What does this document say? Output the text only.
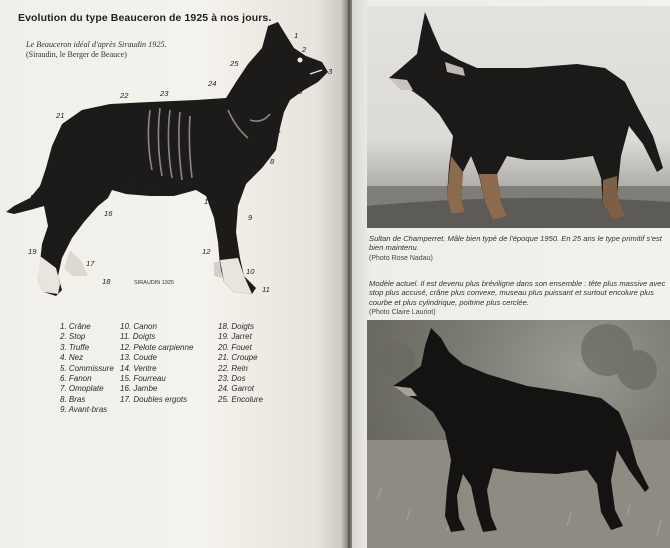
Evolution du type Beauceron de 1925 à nos jours.
Le Beauceron idéal d'après Siraudin 1925.
(Siraudin, le Berger de Beauce)
1
2
3
4
5
6
7
8
9
10
11
12
13
14
15
16
17
18
19
20
21
22	23
24
25
SIRAUDIN 1925
1. Crâne
2. Stop
3. Truffe
4. Nez
5. Commissure
6. Fanon
7. Omoplate
8. Bras
9. Avant-bras
10. Canon
11. Doigts
12. Pelote carpienne
13. Coude
14. Ventre
15. Fourreau
16. Jambe
17. Doubles ergots
18. Doigts
19. Jarret
20. Fouet
21. Croupe
22. Rein
23. Dos
24. Garrot
25. Encolure
Sultan de Champerret. Mâle bien typé de l'époque 1950. En 25 ans le type primitif s'est bien maintenu.
(Photo Rose Nadau)
Modèle actuel. Il est devenu plus bréviligne dans son ensemble : tête plus massive avec stop plus accusé, crâne plus convexe, museau plus puissant et surtout encolure plus courbe et plus cylindrique, poitrine plus cerclée.
(Photo Claire Lauriot)
